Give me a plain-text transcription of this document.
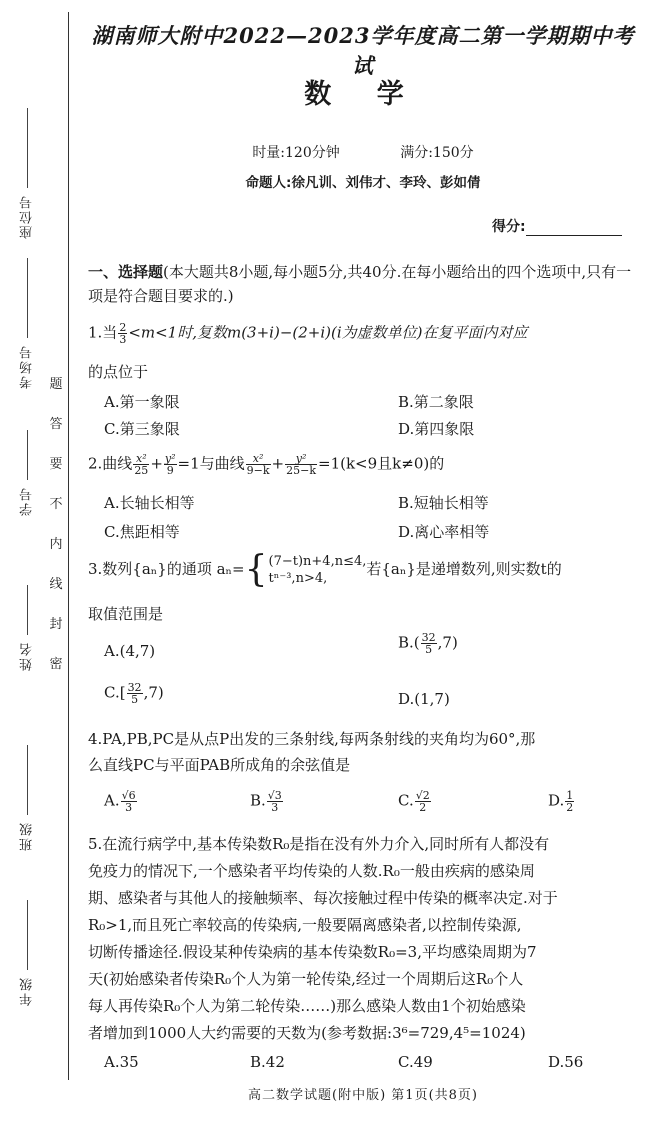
座位号
考场号
学号
姓名
班级
年级
题
答
要
不
内
线
封
密
湖南师大附中2022—2023学年度高二第一学期期中考试
数 学
时量:120分钟	满分:150分
命题人:徐凡训、刘伟才、李玲、彭如倩
得分:
一、选择题(本大题共8小题,每小题5分,共40分.在每小题给出的四个选项中,只有一项是符合题目要求的.)
1.当 $\frac{2}{3} <m<1$时,复数m(3+i)−(2+i)(i为虚数单位)在复平面内对应
的点位于
A.第一象限	B.第二象限
C.第三象限	D.第四象限
2.曲线 $\frac{\text{x²}}{25} + \frac{\text{y²}}{9} =1$与曲线 $\frac{\text{x²}}{9-k} + \frac{\text{y²}}{25-k} =1(k<9$且k≠0)的
A.长轴长相等	B.短轴长相等
C.焦距相等	D.离心率相等
3.数列{aₙ}的通项 aₙ={ (7−t)n+4,n≤4,
tⁿ⁻³,n>4,
若{aₙ}是递增数列,则实数t的
取值范围是
A.(4,7)	$B.( \frac{32}{5} ,7)$
$C.[ \frac{32}{5} ,7)$	D.(1,7)
4.PA,PB,PC是从点P出发的三条射线,每两条射线的夹角均为60°,那
么直线PC与平面PAB所成角的余弦值是
A. $\frac{√6}{3}$	B. $\frac{√3}{3}$	C. $\frac{√2}{2}$	D. $\frac{1}{2}$
5.在流行病学中,基本传染数R₀是指在没有外力介入,同时所有人都没有
免疫力的情况下,一个感染者平均传染的人数.R₀一般由疾病的感染周
期、感染者与其他人的接触频率、每次接触过程中传染的概率决定.对于
R₀>1,而且死亡率较高的传染病,一般要隔离感染者,以控制传染源,
切断传播途径.假设某种传染病的基本传染数R₀=3,平均感染周期为7
天(初始感染者传染R₀个人为第一轮传染,经过一个周期后这R₀个人
每人再传染R₀个人为第二轮传染……)那么感染人数由1个初始感染
者增加到1000人大约需要的天数为(参考数据:3⁶=729,4⁵=1024)
A.35	B.42	C.49	D.56
高二数学试题(附中版) 第1页(共8页)
